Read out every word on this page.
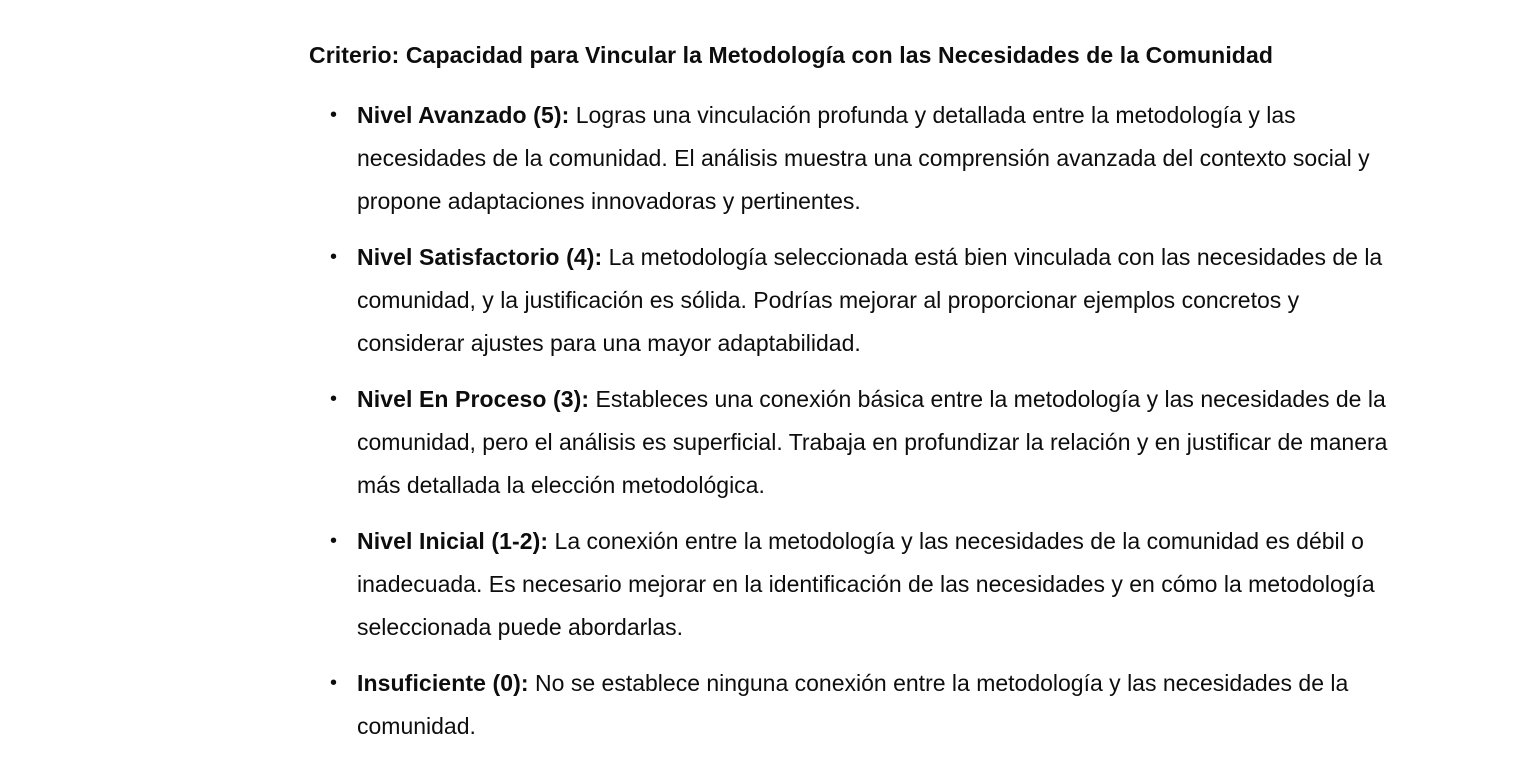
Criterio: Capacidad para Vincular la Metodología con las Necesidades de la Comunidad
• Nivel Avanzado (5): Logras una vinculación profunda y detallada entre la metodología y las necesidades de la comunidad. El análisis muestra una comprensión avanzada del contexto social y propone adaptaciones innovadoras y pertinentes.
• Nivel Satisfactorio (4): La metodología seleccionada está bien vinculada con las necesidades de la comunidad, y la justificación es sólida. Podrías mejorar al proporcionar ejemplos concretos y considerar ajustes para una mayor adaptabilidad.
• Nivel En Proceso (3): Estableces una conexión básica entre la metodología y las necesidades de la comunidad, pero el análisis es superficial. Trabaja en profundizar la relación y en justificar de manera más detallada la elección metodológica.
• Nivel Inicial (1-2): La conexión entre la metodología y las necesidades de la comunidad es débil o inadecuada. Es necesario mejorar en la identificación de las necesidades y en cómo la metodología seleccionada puede abordarlas.
• Insuficiente (0): No se establece ninguna conexión entre la metodología y las necesidades de la comunidad.
